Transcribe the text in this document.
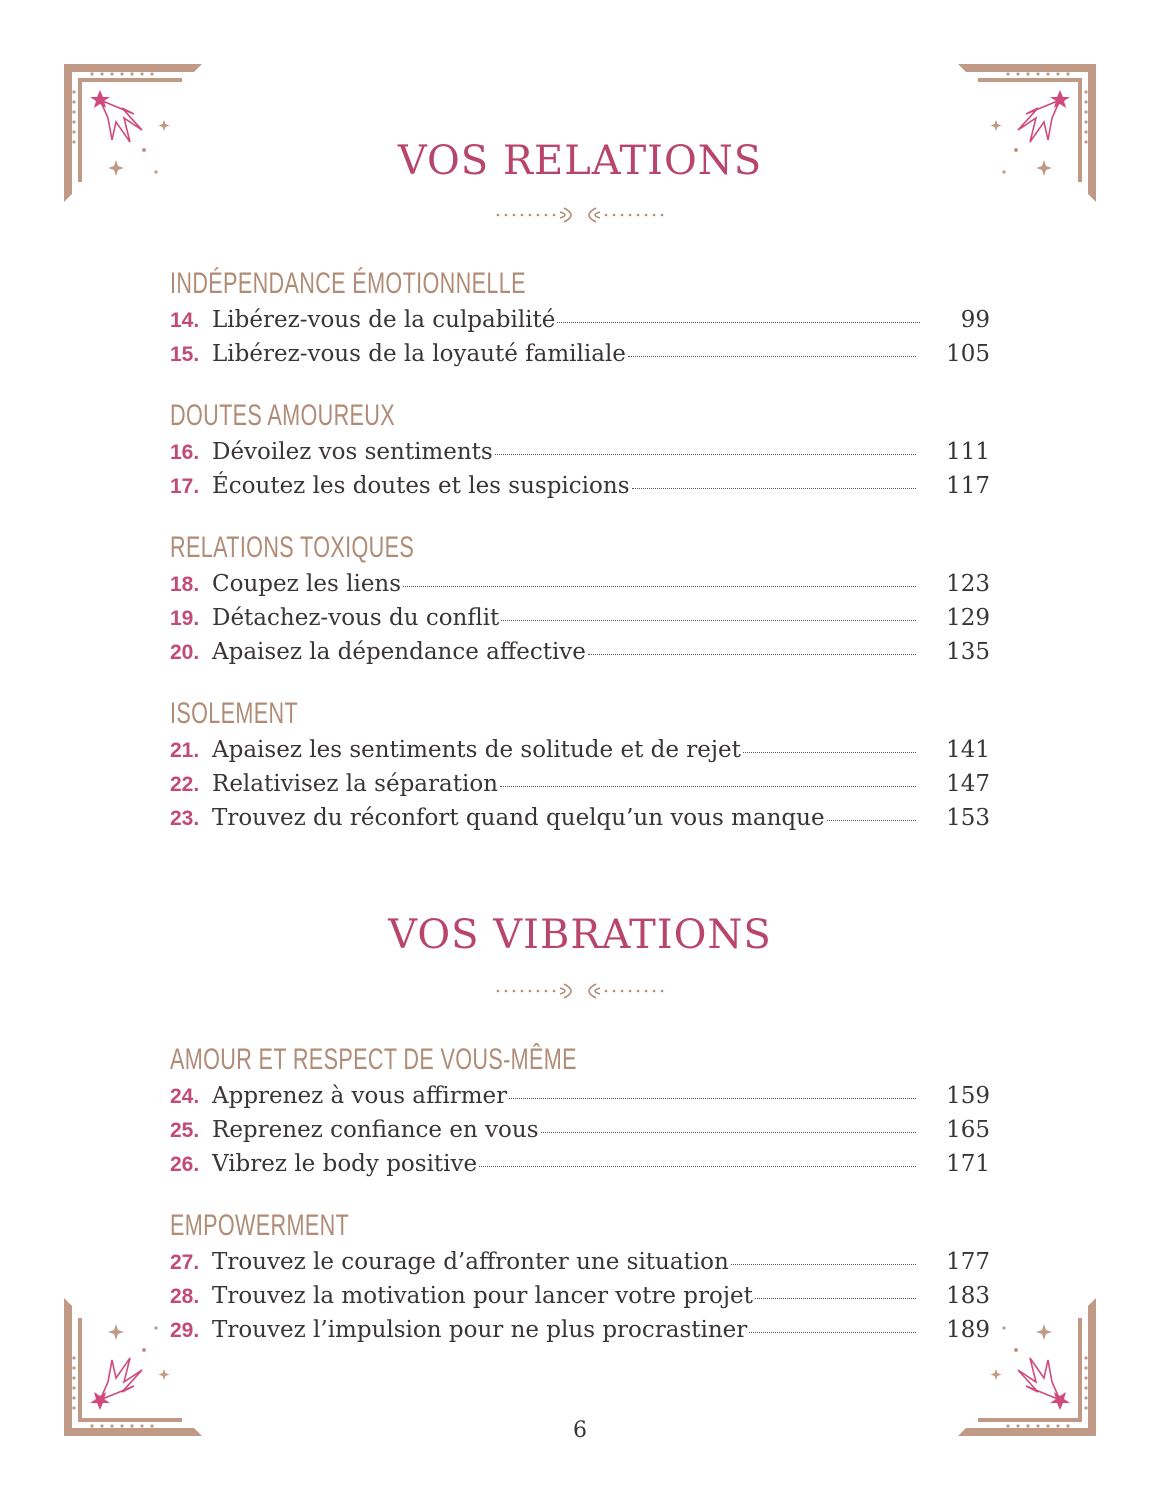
VOS RELATIONS
INDÉPENDANCE ÉMOTIONNELLE
14. Libérez-vous de la culpabilité	99
15. Libérez-vous de la loyauté familiale	105
DOUTES AMOUREUX
16. Dévoilez vos sentiments	111
17. Écoutez les doutes et les suspicions	117
RELATIONS TOXIQUES
18. Coupez les liens	123
19. Détachez-vous du conflit	129
20. Apaisez la dépendance affective	135
ISOLEMENT
21. Apaisez les sentiments de solitude et de rejet	141
22. Relativisez la séparation	147
23. Trouvez du réconfort quand quelqu’un vous manque	153
VOS VIBRATIONS
AMOUR ET RESPECT DE VOUS-MÊME
24. Apprenez à vous affirmer	159
25. Reprenez confiance en vous	165
26. Vibrez le body positive	171
EMPOWERMENT
27. Trouvez le courage d’affronter une situation	177
28. Trouvez la motivation pour lancer votre projet	183
29. Trouvez l’impulsion pour ne plus procrastiner	189
6
